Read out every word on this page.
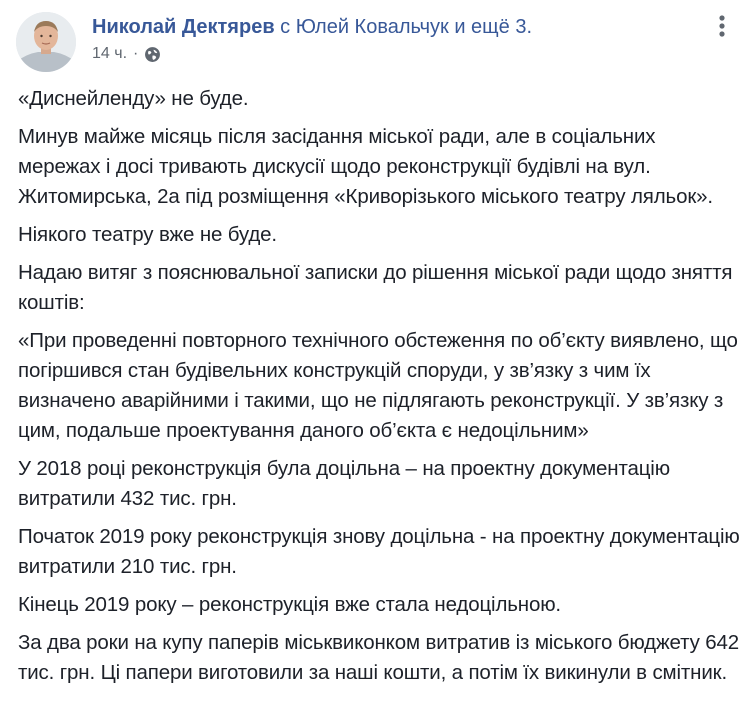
Николай Дектярев с Юлей Ковальчук и ещё 3.
14 ч. ·

«Диснейленду» не буде.

Минув майже місяць після засідання міської ради, але в соціальних мережах і досі тривають дискусії щодо реконструкції будівлі на вул. Житомирська, 2а під розміщення «Криворізького міського театру ляльок».

Ніякого театру вже не буде.

Надаю витяг з пояснювальної записки до рішення міської ради щодо зняття коштів:

«При проведенні повторного технічного обстеження по об’єкту виявлено, що погіршився стан будівельних конструкцій споруди, у зв’язку з чим їх визначено аварійними і такими, що не підлягають реконструкції. У зв’язку з цим, подальше проектування даного об’єкта є недоцільним»

У 2018 році реконструкція була доцільна – на проектну документацію витратили 432 тис. грн.

Початок 2019 року реконструкція знову доцільна - на проектну документацію витратили 210 тис. грн.

Кінець 2019 року – реконструкція вже стала недоцільною.

За два роки на купу паперів міськвиконком витратив із міського бюджету 642 тис. грн. Ці папери виготовили за наші кошти, а потім їх викинули в смітник.
